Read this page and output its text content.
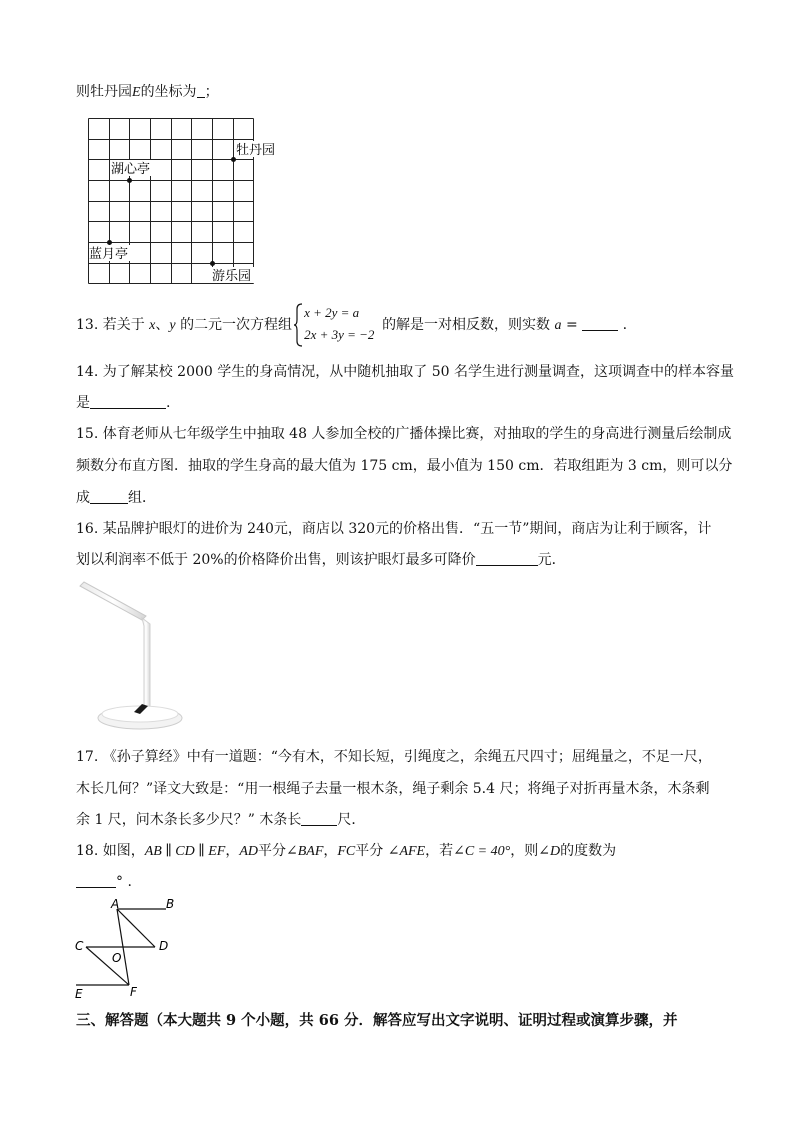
则牡丹园E的坐标为 ；
牡丹园
湖心亭
蓝月亭
游乐园
13. 若关于 x、y 的二元一次方程组
x + 2y = a
2x + 3y = −2
的解是一对相反数，则实数 a =	.
14. 为了解某校 2000 学生的身高情况，从中随机抽取了 50 名学生进行测量调查，这项调查中的样本容量
是	.
15. 体育老师从七年级学生中抽取 48 人参加全校的广播体操比赛，对抽取的学生的身高进行测量后绘制成
频数分布直方图．抽取的学生身高的最大值为 175 cm，最小值为 150 cm．若取组距为 3 cm，则可以分
成	组．
16. 某品牌护眼灯的进价为 240元，商店以 320元的价格出售．“五一节”期间，商店为让利于顾客，计
划以利润率不低于 20%的价格降价出售，则该护眼灯最多可降价	元．
17. 《孙子算经》中有一道题：“今有木，不知长短，引绳度之，余绳五尺四寸；屈绳量之，不足一尺，
木长几何？”译文大致是：“用一根绳子去量一根木条，绳子剩余 5.4 尺；将绳子对折再量木条，木条剩
余 1 尺，问木条长多少尺？” 木条长	尺．
18. 如图，AB ∥ CD ∥ EF，AD平分∠BAF，FC平分 ∠AFE，若∠C = 40°，则∠D的度数为
° .
A	B
C	D
O
E	F
三、解答题（本大题共 9 个小题，共 66 分．解答应写出文字说明、证明过程或演算步骤，并
